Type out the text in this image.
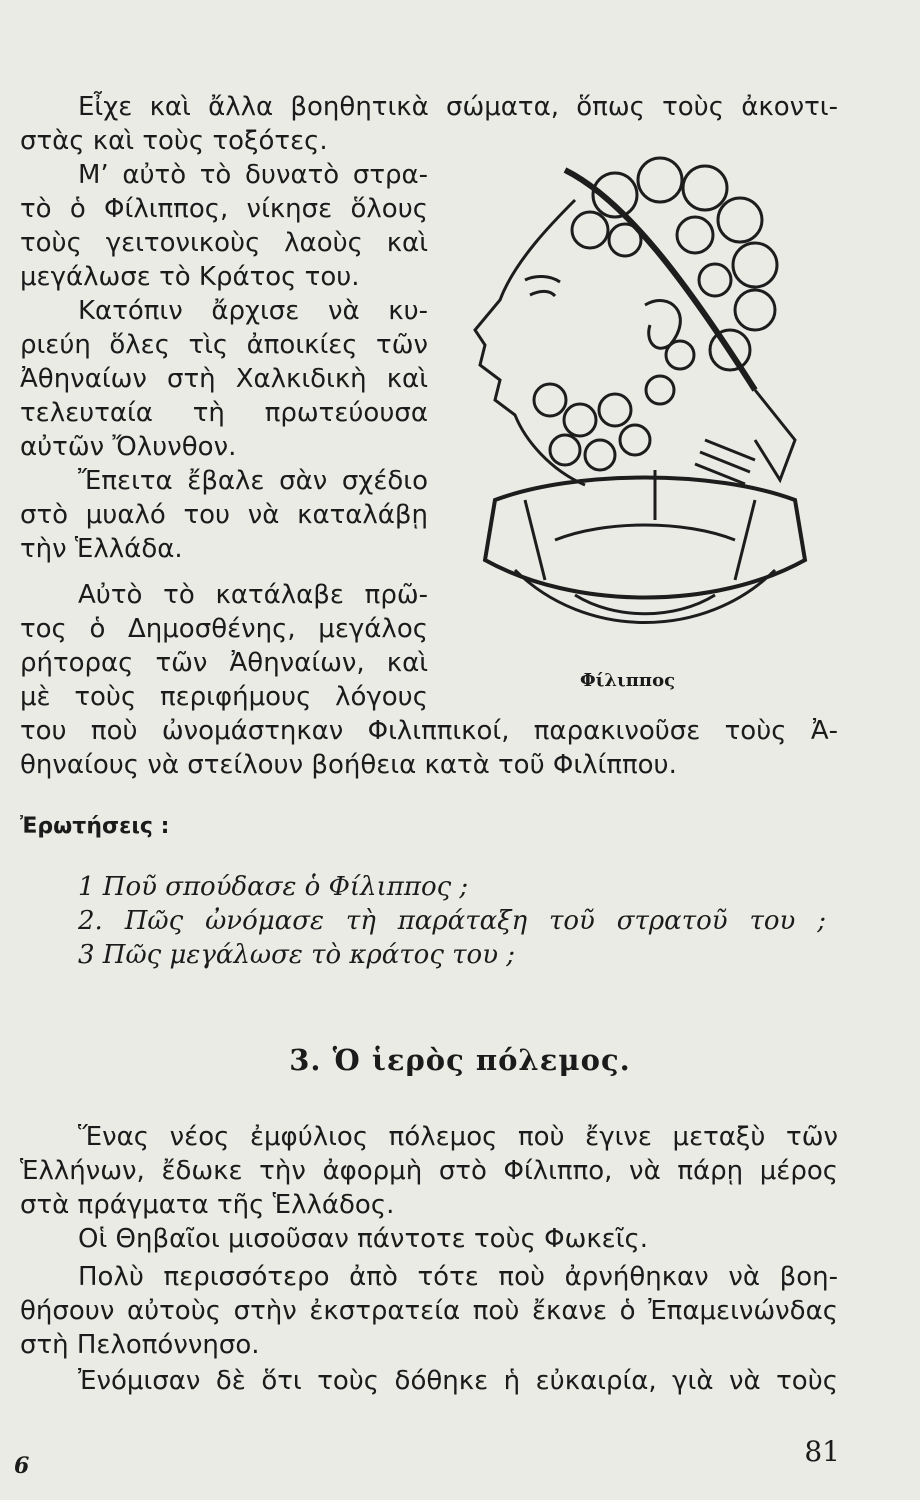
Εἶχε καὶ ἄλλα βοηθητικὰ σώματα, ὅπως τοὺς ἀκοντι-

στὰς καὶ τοὺς τοξότες.

Μ’ αὐτὸ τὸ δυνατὸ στρα-

τὸ ὁ Φίλιππος, νίκησε ὅλους

τοὺς γειτονικοὺς λαοὺς καὶ

μεγάλωσε τὸ Κράτος του.

Κατόπιν ἄρχισε νὰ κυ-

ριεύη ὅλες τὶς ἀποικίες τῶν

Ἀθηναίων στὴ Χαλκιδικὴ καὶ

τελευταία τὴ πρωτεύουσα

αὐτῶν Ὄλυνθον.

Ἔπειτα ἔβαλε σὰν σχέδιο

στὸ μυαλό του νὰ καταλάβῃ

τὴν Ἑλλάδα.

Αὐτὸ τὸ κατάλαβε πρῶ-

τος ὁ Δημοσθένης, μεγάλος

ρήτορας τῶν Ἀθηναίων, καὶ

μὲ τοὺς περιφήμους λόγους

του ποὺ ὠνομάστηκαν Φιλιππικοί, παρακινοῦσε τοὺς Ἀ-

θηναίους νὰ στείλουν βοήθεια κατὰ τοῦ Φιλίππου.

Φίλιππος

Ἐρωτήσεις :

1 Ποῦ σπούδασε ὁ Φίλιππος ;

2. Πῶς ὠνόμασε τὴ παράταξη τοῦ στρατοῦ του ;

3 Πῶς μεγάλωσε τὸ κράτος του ;

3. Ὁ ἱερὸς πόλεμος.

Ἕνας νέος ἐμφύλιος πόλεμος ποὺ ἔγινε μεταξὺ τῶν

Ἑλλήνων, ἔδωκε τὴν ἀφορμὴ στὸ Φίλιππο, νὰ πάρῃ μέρος

στὰ πράγματα τῆς Ἑλλάδος.

Οἱ Θηβαῖοι μισοῦσαν πάντοτε τοὺς Φωκεῖς.

Πολὺ περισσότερο ἀπὸ τότε ποὺ ἀρνήθηκαν νὰ βοη-

θήσουν αὐτοὺς στὴν ἐκστρατεία ποὺ ἔκανε ὁ Ἐπαμεινώνδας

στὴ Πελοπόννησο.

Ἐνόμισαν δὲ ὅτι τοὺς δόθηκε ἡ εὐκαιρία, γιὰ νὰ τοὺς

81

6
